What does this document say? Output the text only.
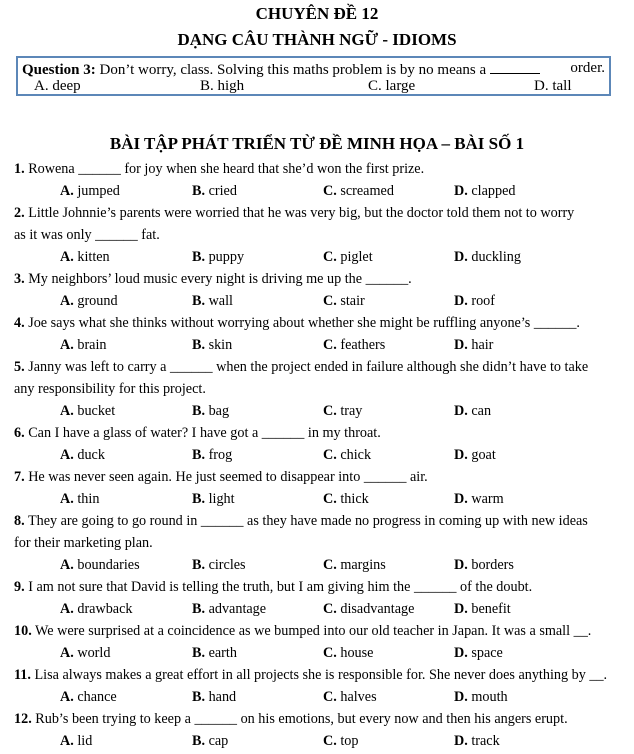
CHUYÊN ĐỀ 12
DẠNG CÂU THÀNH NGỮ - IDIOMS
Question 3: Don’t worry, class. Solving this maths problem is by no means a	order.
A. deep	B. high	C. large	D. tall
BÀI TẬP PHÁT TRIỂN TỪ ĐỀ MINH HỌA – BÀI SỐ 1
1. Rowena ______ for joy when she heard that she’d won the first prize.
A. jumped	B. cried	C. screamed	D. clapped
2. Little Johnnie’s parents were worried that he was very big, but the doctor told them not to worry
as it was only ______ fat.
A. kitten	B. puppy	C. piglet	D. duckling
3. My neighbors’ loud music every night is driving me up the ______.
A. ground	B. wall	C. stair	D. roof
4. Joe says what she thinks without worrying about whether she might be ruffling anyone’s ______.
A. brain	B. skin	C. feathers	D. hair
5. Janny was left to carry a ______ when the project ended in failure although she didn’t have to take
any responsibility for this project.
A. bucket	B. bag	C. tray	D. can
6. Can I have a glass of water? I have got a ______ in my throat.
A. duck	B. frog	C. chick	D. goat
7. He was never seen again. He just seemed to disappear into ______ air.
A. thin	B. light	C. thick	D. warm
8. They are going to go round in ______ as they have made no progress in coming up with new ideas
for their marketing plan.
A. boundaries	B. circles	C. margins	D. borders
9. I am not sure that David is telling the truth, but I am giving him the ______ of the doubt.
A. drawback	B. advantage	C. disadvantage	D. benefit
10. We were surprised at a coincidence as we bumped into our old teacher in Japan. It was a small __.
A. world	B. earth	C. house	D. space
11. Lisa always makes a great effort in all projects she is responsible for. She never does anything by __.
A. chance	B. hand	C. halves	D. mouth
12. Rub’s been trying to keep a ______ on his emotions, but every now and then his angers erupt.
A. lid	B. cap	C. top	D. track
